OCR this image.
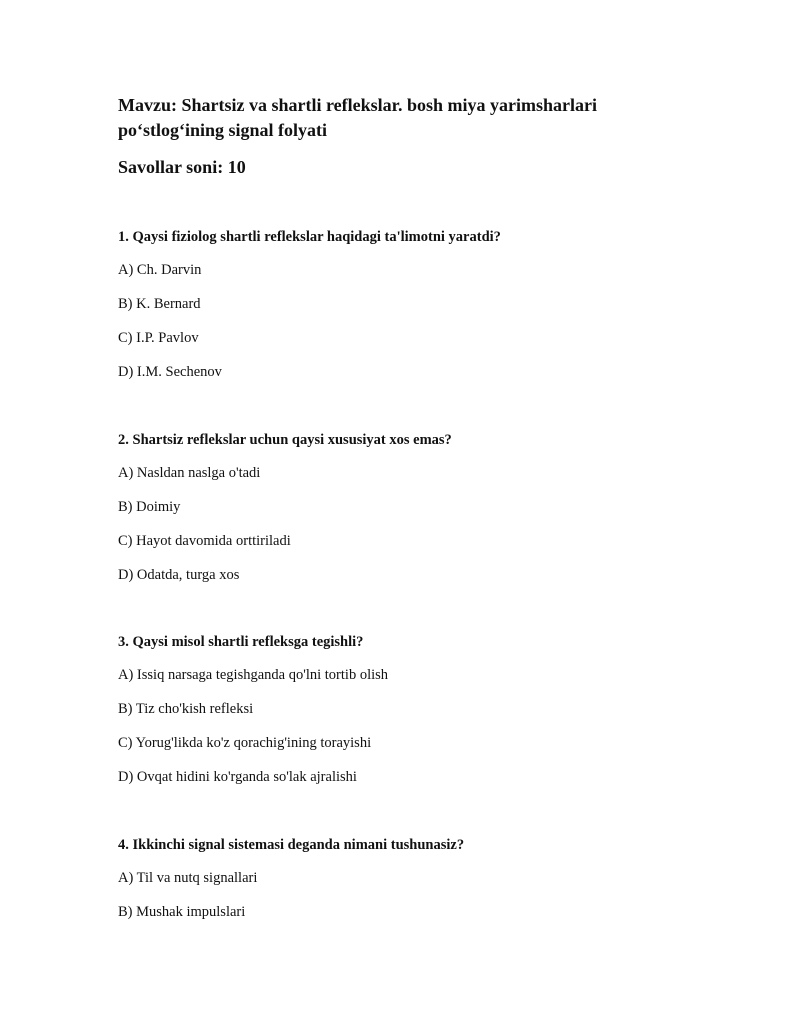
Mavzu: Shartsiz va shartli reflekslar. bosh miya yarimsharlari po‘stlog‘ining signal folyati
Savollar soni: 10

1. Qaysi fiziolog shartli reflekslar haqidagi ta'limotni yaratdi?

A) Ch. Darvin

B) K. Bernard

C) I.P. Pavlov

D) I.M. Sechenov

2. Shartsiz reflekslar uchun qaysi xususiyat xos emas?

A) Nasldan naslga o'tadi

B) Doimiy

C) Hayot davomida orttiriladi

D) Odatda, turga xos

3. Qaysi misol shartli refleksga tegishli?

A) Issiq narsaga tegishganda qo'lni tortib olish

B) Tiz cho'kish refleksi

C) Yorug'likda ko'z qorachig'ining torayishi

D) Ovqat hidini ko'rganda so'lak ajralishi

4. Ikkinchi signal sistemasi deganda nimani tushunasiz?

A) Til va nutq signallari

B) Mushak impulslari
